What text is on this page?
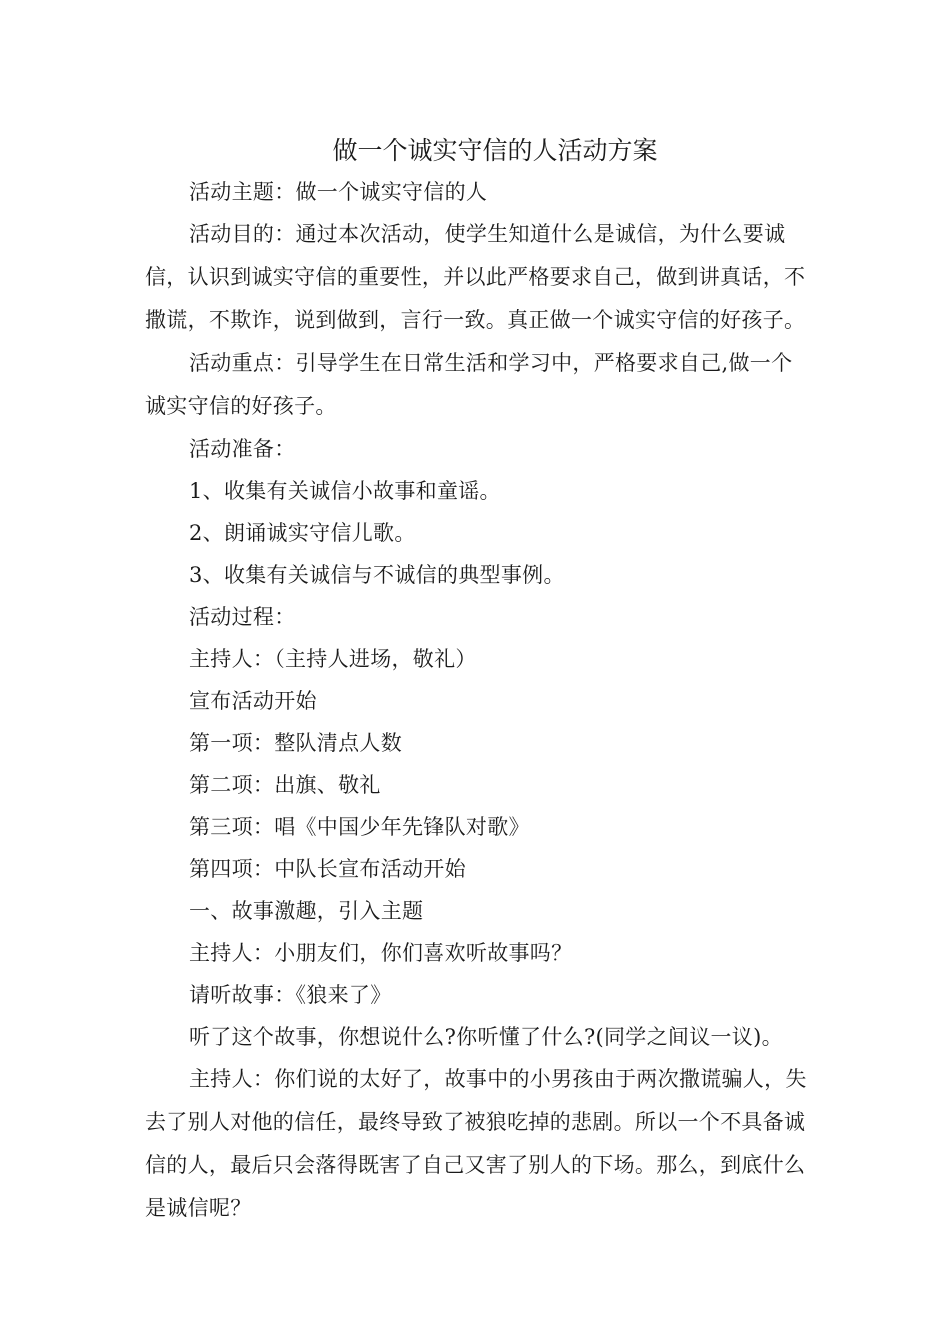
做一个诚实守信的人活动方案

活动主题：做一个诚实守信的人

活动目的：通过本次活动，使学生知道什么是诚信，为什么要诚信，认识到诚实守信的重要性，并以此严格要求自己，做到讲真话，不撒谎，不欺诈，说到做到，言行一致。真正做一个诚实守信的好孩子。

活动重点：引导学生在日常生活和学习中，严格要求自己,做一个诚实守信的好孩子。

活动准备：

1、收集有关诚信小故事和童谣。

2、朗诵诚实守信儿歌。

3、收集有关诚信与不诚信的典型事例。

活动过程：

主持人：（主持人进场，敬礼）

宣布活动开始

第一项：整队清点人数

第二项：出旗、敬礼

第三项：唱《中国少年先锋队对歌》

第四项：中队长宣布活动开始

一、故事激趣，引入主题

主持人：小朋友们，你们喜欢听故事吗？

请听故事：《狼来了》

听了这个故事，你想说什么?你听懂了什么?(同学之间议一议)。

主持人：你们说的太好了，故事中的小男孩由于两次撒谎骗人，失去了别人对他的信任，最终导致了被狼吃掉的悲剧。所以一个不具备诚信的人，最后只会落得既害了自己又害了别人的下场。那么，到底什么是诚信呢？
